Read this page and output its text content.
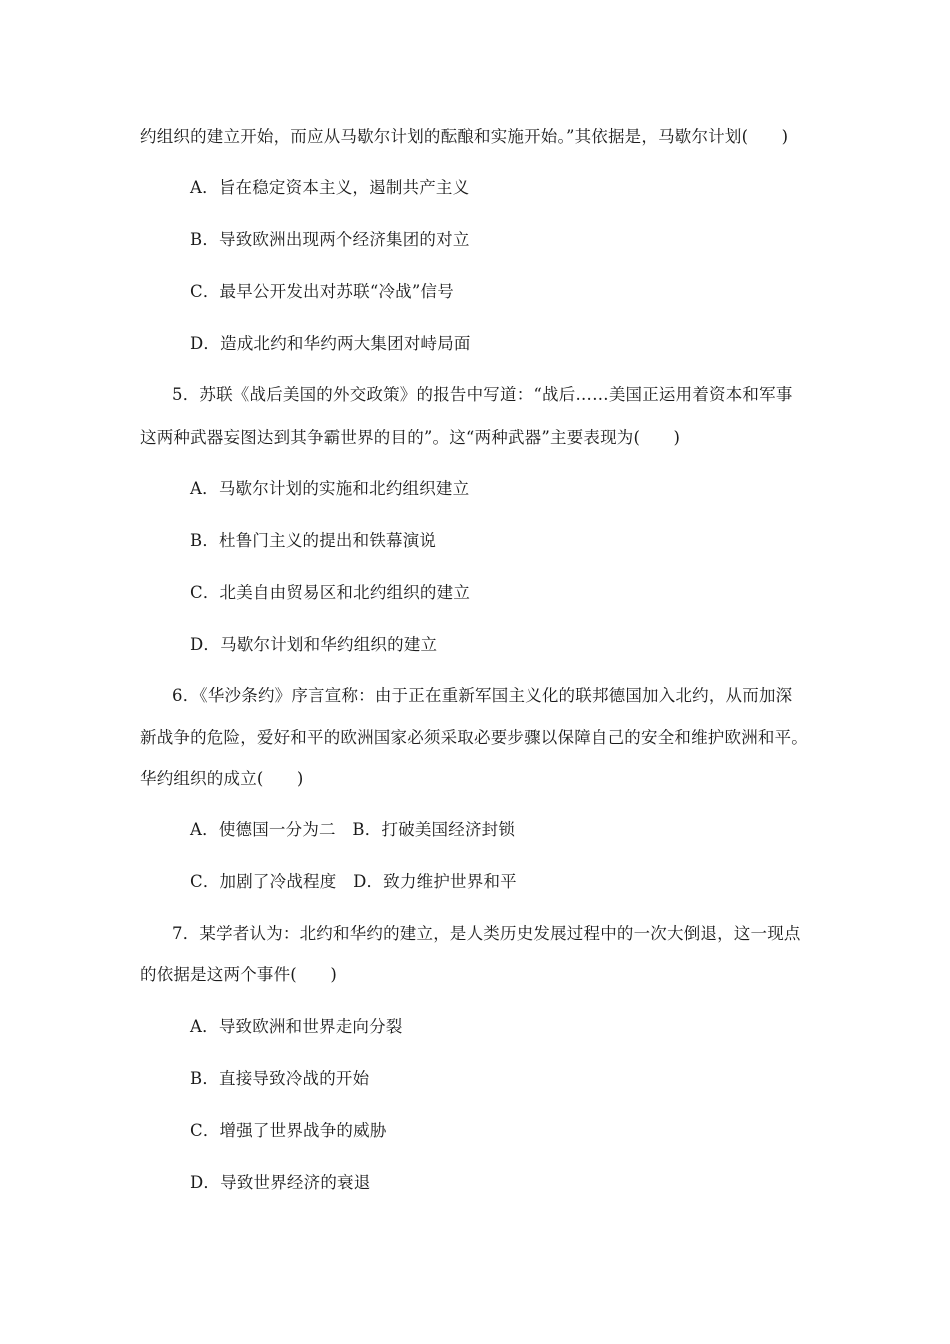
约组织的建立开始，而应从马歇尔计划的酝酿和实施开始。”其依据是，马歇尔计划(　　)
A．旨在稳定资本主义，遏制共产主义
B．导致欧洲出现两个经济集团的对立
C．最早公开发出对苏联“冷战”信号
D．造成北约和华约两大集团对峙局面
5．苏联《战后美国的外交政策》的报告中写道：“战后……美国正运用着资本和军事
这两种武器妄图达到其争霸世界的目的”。这“两种武器”主要表现为(　　)
A．马歇尔计划的实施和北约组织建立
B．杜鲁门主义的提出和铁幕演说
C．北美自由贸易区和北约组织的建立
D．马歇尔计划和华约组织的建立
6．《华沙条约》序言宣称：由于正在重新军国主义化的联邦德国加入北约，从而加深
新战争的危险，爱好和平的欧洲国家必须采取必要步骤以保障自己的安全和维护欧洲和平。
华约组织的成立(　　)
A．使德国一分为二　B．打破美国经济封锁
C．加剧了冷战程度　D．致力维护世界和平
7．某学者认为：北约和华约的建立，是人类历史发展过程中的一次大倒退，这一现点
的依据是这两个事件(　　)
A．导致欧洲和世界走向分裂
B．直接导致冷战的开始
C．增强了世界战争的威胁
D．导致世界经济的衰退
